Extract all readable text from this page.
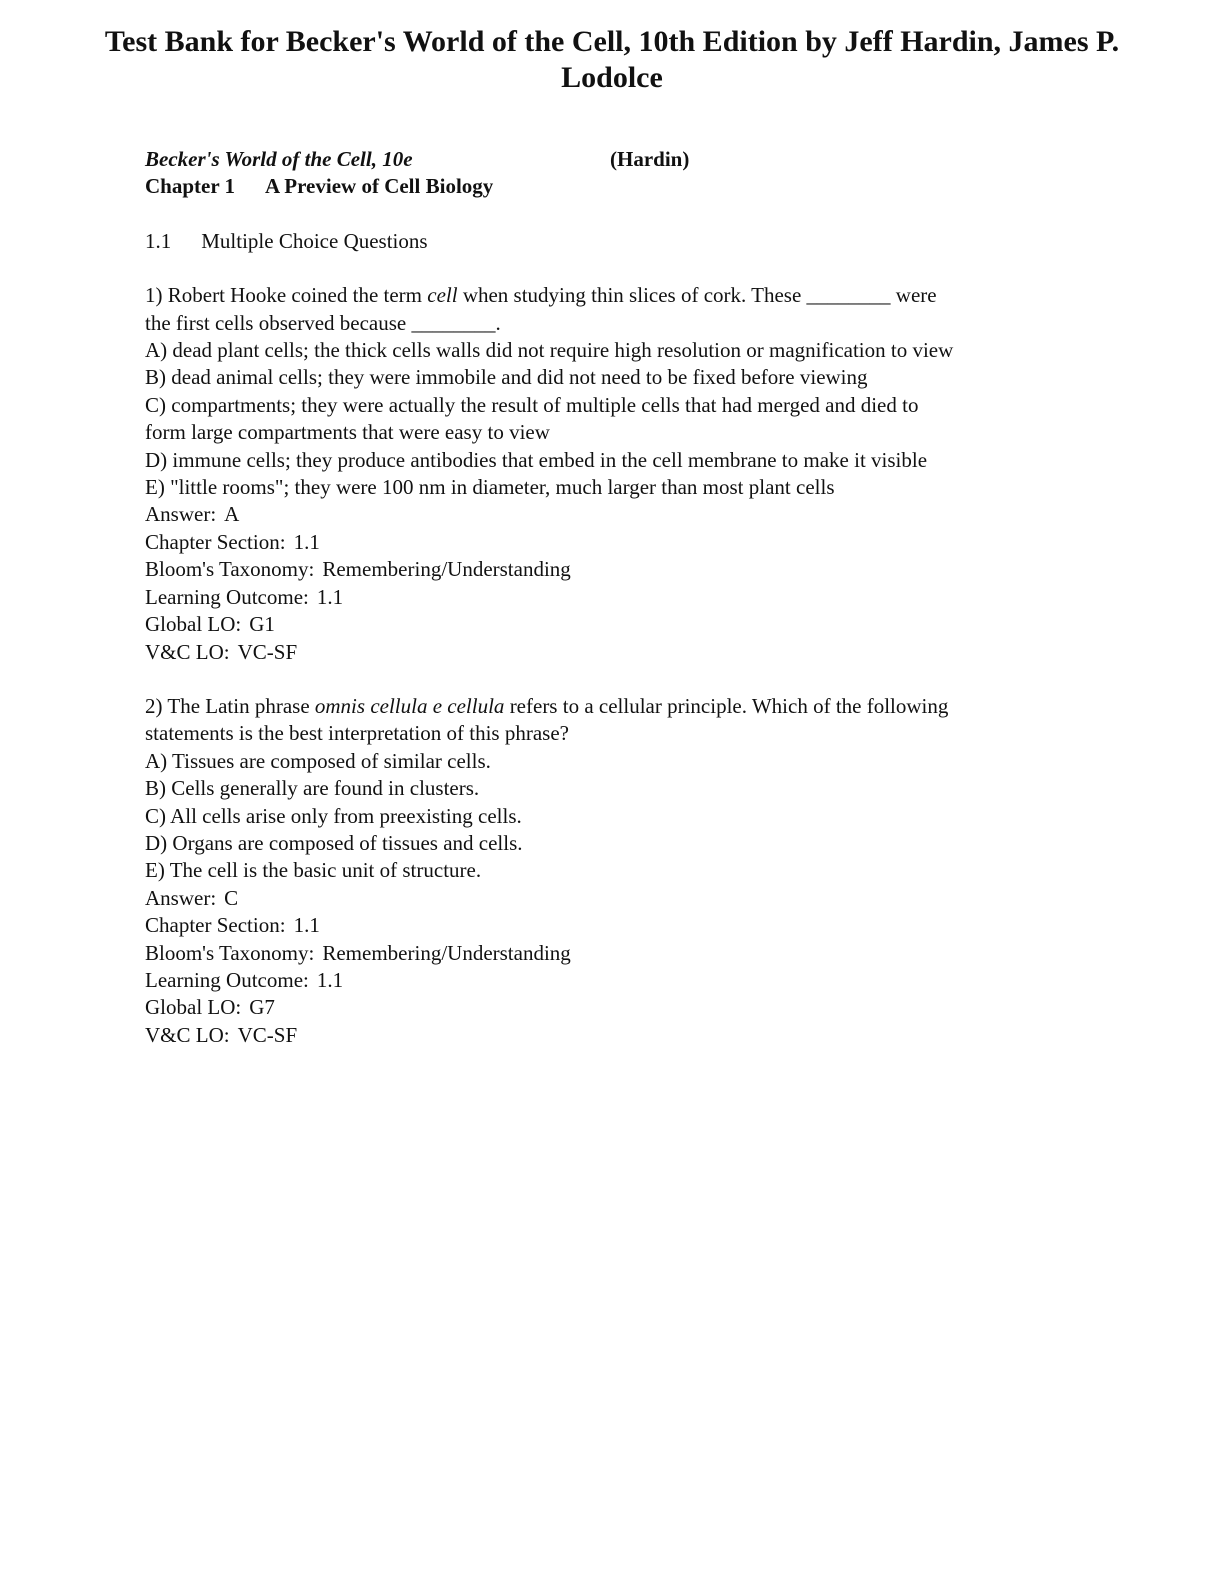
Test Bank for Becker's World of the Cell, 10th Edition by Jeff Hardin, James P.
Lodolce
Becker's World of the Cell, 10e	(Hardin)
Chapter 1 A Preview of Cell Biology
1.1 Multiple Choice Questions
1) Robert Hooke coined the term cell when studying thin slices of cork. These ________ were
the first cells observed because ________.
A) dead plant cells; the thick cells walls did not require high resolution or magnification to view
B) dead animal cells; they were immobile and did not need to be fixed before viewing
C) compartments; they were actually the result of multiple cells that had merged and died to
form large compartments that were easy to view
D) immune cells; they produce antibodies that embed in the cell membrane to make it visible
E) "little rooms"; they were 100 nm in diameter, much larger than most plant cells
Answer: A
Chapter Section: 1.1
Bloom's Taxonomy: Remembering/Understanding
Learning Outcome: 1.1
Global LO: G1
V&C LO: VC-SF
2) The Latin phrase omnis cellula e cellula refers to a cellular principle. Which of the following
statements is the best interpretation of this phrase?
A) Tissues are composed of similar cells.
B) Cells generally are found in clusters.
C) All cells arise only from preexisting cells.
D) Organs are composed of tissues and cells.
E) The cell is the basic unit of structure.
Answer: C
Chapter Section: 1.1
Bloom's Taxonomy: Remembering/Understanding
Learning Outcome: 1.1
Global LO: G7
V&C LO: VC-SF
